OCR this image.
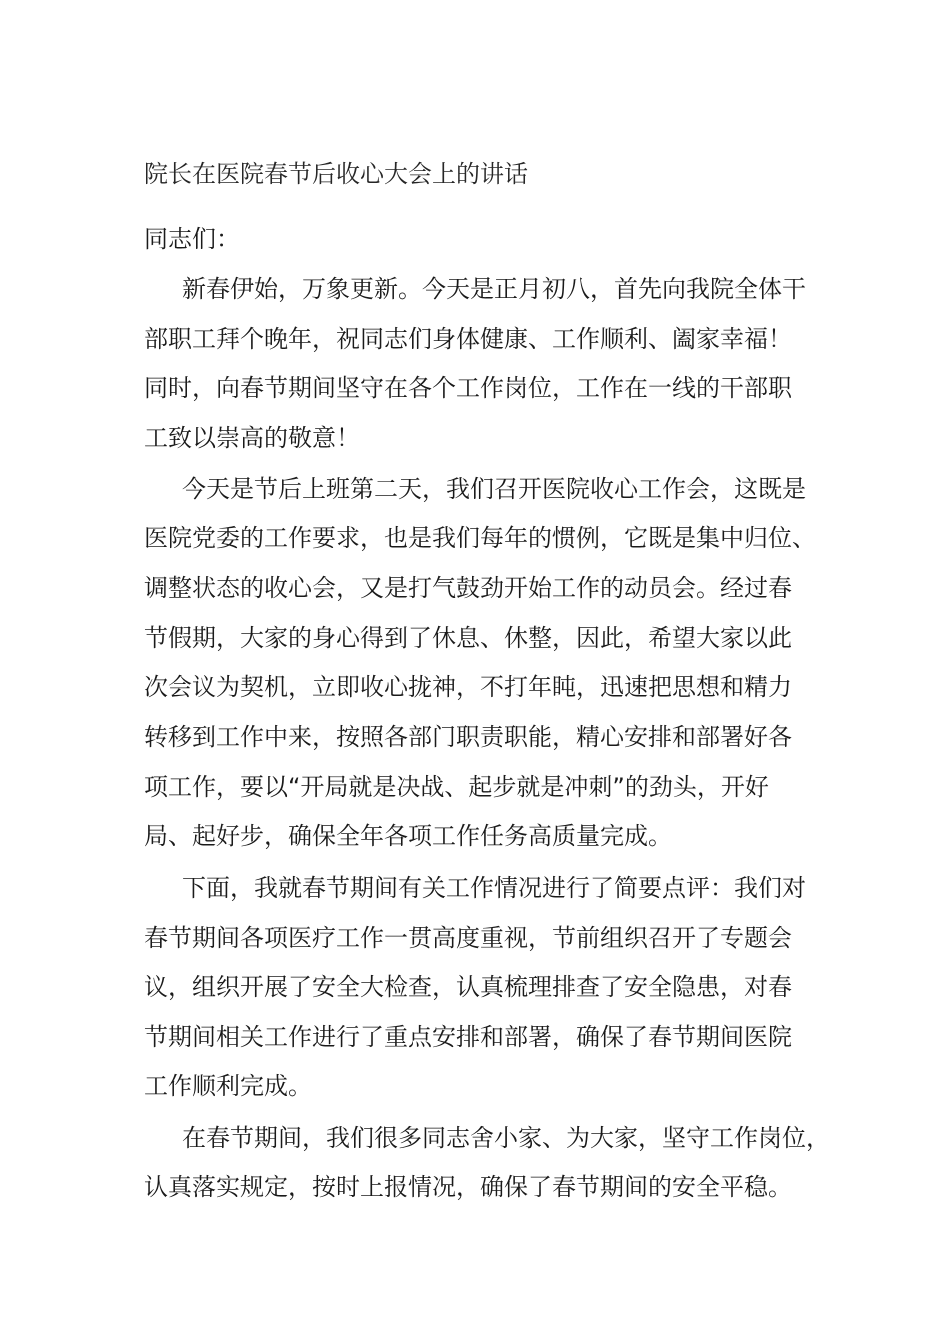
院长在医院春节后收心大会上的讲话
同志们：
新春伊始，万象更新。今天是正月初八，首先向我院全体干
部职工拜个晚年，祝同志们身体健康、工作顺利、阖家幸福！
同时，向春节期间坚守在各个工作岗位，工作在一线的干部职
工致以崇高的敬意！
今天是节后上班第二天，我们召开医院收心工作会，这既是
医院党委的工作要求，也是我们每年的惯例，它既是集中归位、
调整状态的收心会，又是打气鼓劲开始工作的动员会。经过春
节假期，大家的身心得到了休息、休整，因此，希望大家以此
次会议为契机，立即收心拢神，不打年盹，迅速把思想和精力
转移到工作中来，按照各部门职责职能，精心安排和部署好各
项工作，要以“开局就是决战、起步就是冲刺”的劲头，开好
局、起好步，确保全年各项工作任务高质量完成。
下面，我就春节期间有关工作情况进行了简要点评：我们对
春节期间各项医疗工作一贯高度重视，节前组织召开了专题会
议，组织开展了安全大检查，认真梳理排查了安全隐患，对春
节期间相关工作进行了重点安排和部署，确保了春节期间医院
工作顺利完成。
在春节期间，我们很多同志舍小家、为大家，坚守工作岗位，
认真落实规定，按时上报情况，确保了春节期间的安全平稳。
